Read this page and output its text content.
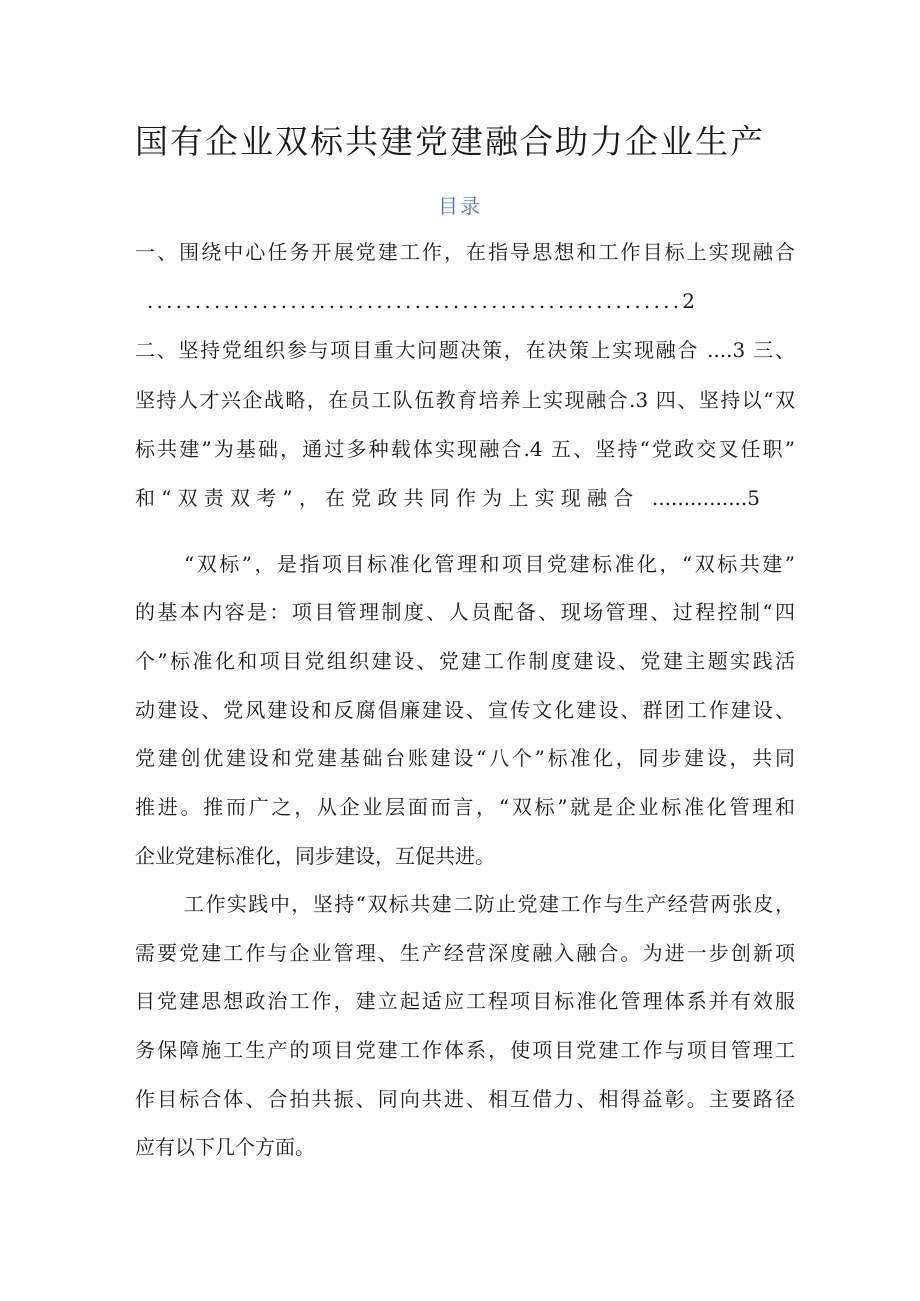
国有企业双标共建党建融合助力企业生产
目录
一、围绕中心任务开展党建工作，在指导思想和工作目标上实现融合
........................................................2
二、坚持党组织参与项目重大问题决策，在决策上实现融合 ....3 三、
坚持人才兴企战略，在员工队伍教育培养上实现融合.3 四、坚持以“双
标共建”为基础，通过多种载体实现融合.4 五、坚持“党政交叉任职”
和“双责双考”，在党政共同作为上实现融合 ...............5
“双标”，是指项目标准化管理和项目党建标准化，“双标共建”
的基本内容是：项目管理制度、人员配备、现场管理、过程控制“四
个”标准化和项目党组织建设、党建工作制度建设、党建主题实践活
动建设、党风建设和反腐倡廉建设、宣传文化建设、群团工作建设、
党建创优建设和党建基础台账建设“八个”标准化，同步建设，共同
推进。推而广之，从企业层面而言，“双标”就是企业标准化管理和
企业党建标准化，同步建设，互促共进。
工作实践中，坚持“双标共建二防止党建工作与生产经营两张皮，
需要党建工作与企业管理、生产经营深度融入融合。为进一步创新项
目党建思想政治工作，建立起适应工程项目标准化管理体系并有效服
务保障施工生产的项目党建工作体系，使项目党建工作与项目管理工
作目标合体、合拍共振、同向共进、相互借力、相得益彰。主要路径
应有以下几个方面。
